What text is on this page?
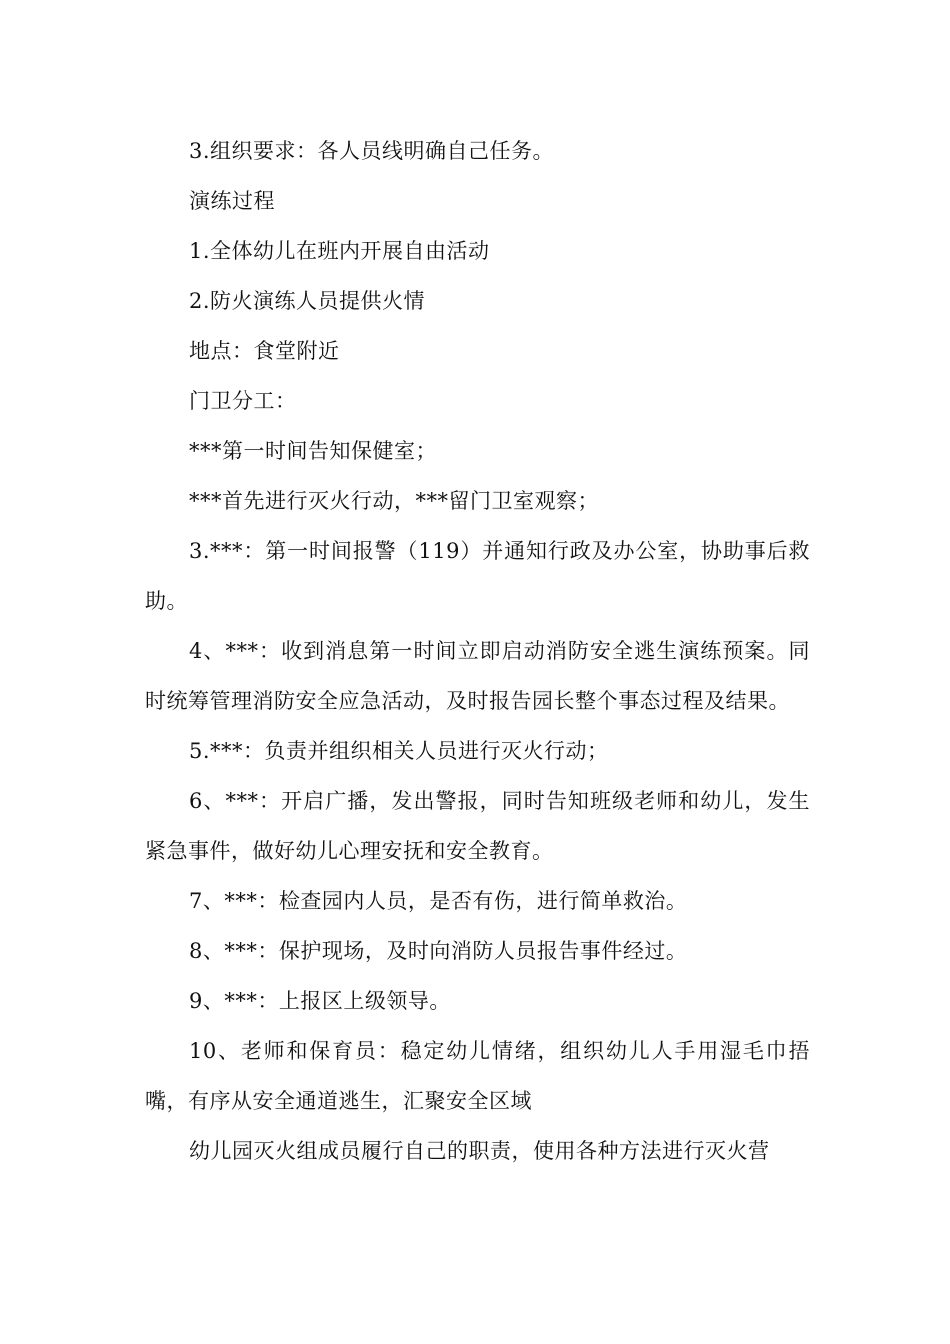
3.组织要求：各人员线明确自己任务。

演练过程

1.全体幼儿在班内开展自由活动

2.防火演练人员提供火情

地点：食堂附近

门卫分工：

***第一时间告知保健室；

***首先进行灭火行动，***留门卫室观察；

3.***：第一时间报警（119）并通知行政及办公室，协助事后救助。

4、***：收到消息第一时间立即启动消防安全逃生演练预案。同时统筹管理消防安全应急活动，及时报告园长整个事态过程及结果。

5.***：负责并组织相关人员进行灭火行动；

6、***：开启广播，发出警报，同时告知班级老师和幼儿，发生紧急事件，做好幼儿心理安抚和安全教育。

7、***：检查园内人员，是否有伤，进行简单救治。

8、***：保护现场，及时向消防人员报告事件经过。

9、***：上报区上级领导。

10、老师和保育员：稳定幼儿情绪，组织幼儿人手用湿毛巾捂嘴，有序从安全通道逃生，汇聚安全区域

幼儿园灭火组成员履行自己的职责，使用各种方法进行灭火营
